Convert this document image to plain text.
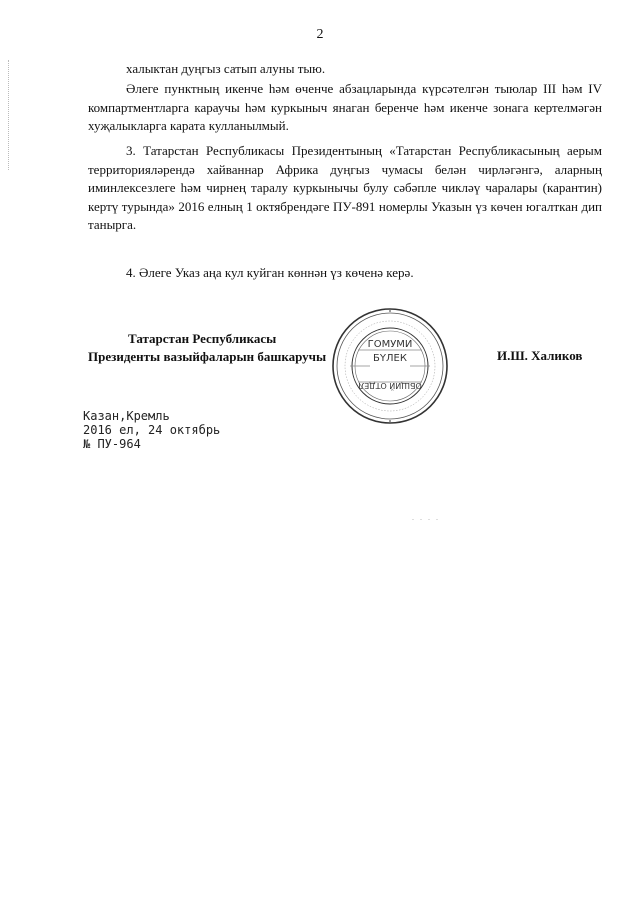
2
халыктан дуңгыз сатып алуны тыю.
Әлеге пунктның икенче һәм өченче абзацларында күрсәтелгән тыюлар III һәм IV компартментларга караучы һәм куркыныч янаган беренче һәм икенче зонага кертелмәгән хуҗалыкларга карата кулланылмый.
3. Татарстан Республикасы Президентының «Татарстан Республикасының аерым территорияләрендә хайваннар Африка дуңгыз чумасы белән чирләгәнгә, аларның иминлексезлеге һәм чирнең таралу куркынычы булу сәбәпле чикләү чаралары (карантин) кертү турында» 2016 елның 1 октябрендәге ПУ-891 номерлы Указын үз көчен югалткан дип танырга.
4. Әлеге Указ аңа кул куйган көннән үз көченә керә.
Татарстан Республикасы
Президенты вазыйфаларын башкаручы	И.Ш. Халиков
ГОМУМИ
БҮЛЕК
ОБЩИЙ ОТДЕЛ
Казан,Кремль
2016 ел, 24 октябрь
№ ПУ-964
. . . .
